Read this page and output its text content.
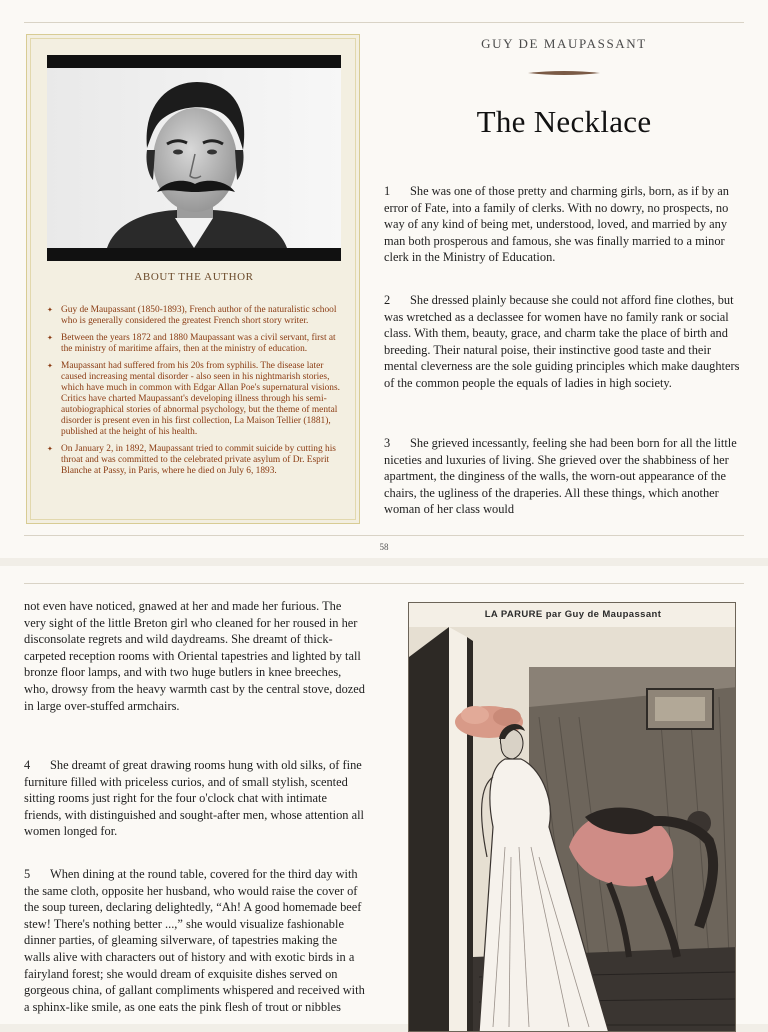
ABOUT THE AUTHOR
✦ Guy de Maupassant (1850-1893), French author of the naturalistic school who is generally considered the greatest French short story writer.
✦ Between the years 1872 and 1880 Maupassant was a civil servant, first at the ministry of maritime affairs, then at the ministry of education.
✦ Maupassant had suffered from his 20s from syphilis. The disease later caused increasing mental disorder - also seen in his nightmarish stories, which have much in common with Edgar Allan Poe's supernatural visions. Critics have charted Maupassant's developing illness through his semi-autobiographical stories of abnormal psychology, but the theme of mental disorder is present even in his first collection, La Maison Tellier (1881), published at the height of his health.
✦ On January 2, in 1892, Maupassant tried to commit suicide by cutting his throat and was committed to the celebrated private asylum of Dr. Esprit Blanche at Passy, in Paris, where he died on July 6, 1893.
GUY DE MAUPASSANT
The Necklace

1 She was one of those pretty and charming girls, born, as if by an error of Fate, into a family of clerks. With no dowry, no prospects, no way of any kind of being met, understood, loved, and married by any man both prosperous and famous, she was finally married to a minor clerk in the Ministry of Education.

2 She dressed plainly because she could not afford fine clothes, but was wretched as a declassee for women have no family rank or social class. With them, beauty, grace, and charm take the place of birth and breeding. Their natural poise, their instinctive good taste and their mental cleverness are the sole guiding principles which make daughters of the common people the equals of ladies in high society.

3 She grieved incessantly, feeling she had been born for all the little niceties and luxuries of living. She grieved over the shabbiness of her apartment, the dinginess of the walls, the worn-out appearance of the chairs, the ugliness of the draperies. All these things, which another woman of her class would

58

not even have noticed, gnawed at her and made her furious. The very sight of the little Breton girl who cleaned for her roused in her disconsolate regrets and wild daydreams. She dreamt of thick-carpeted reception rooms with Oriental tapestries and lighted by tall bronze floor lamps, and with two huge butlers in knee breeches, who, drowsy from the heavy warmth cast by the central stove, dozed in large over-stuffed armchairs.

4 She dreamt of great drawing rooms hung with old silks, of fine furniture filled with priceless curios, and of small stylish, scented sitting rooms just right for the four o'clock chat with intimate friends, with distinguished and sought-after men, whose attention all women longed for.

5 When dining at the round table, covered for the third day with the same cloth, opposite her husband, who would raise the cover of the soup tureen, declaring delightedly, “Ah! A good homemade beef stew! There's nothing better ...,” she would visualize fashionable dinner parties, of gleaming silverware, of tapestries making the walls alive with characters out of history and with exotic birds in a fairyland forest; she would dream of exquisite dishes served on gorgeous china, of gallant compliments whispered and received with a sphinx-like smile, as one eats the pink flesh of trout or nibbles

LA PARURE par Guy de Maupassant
